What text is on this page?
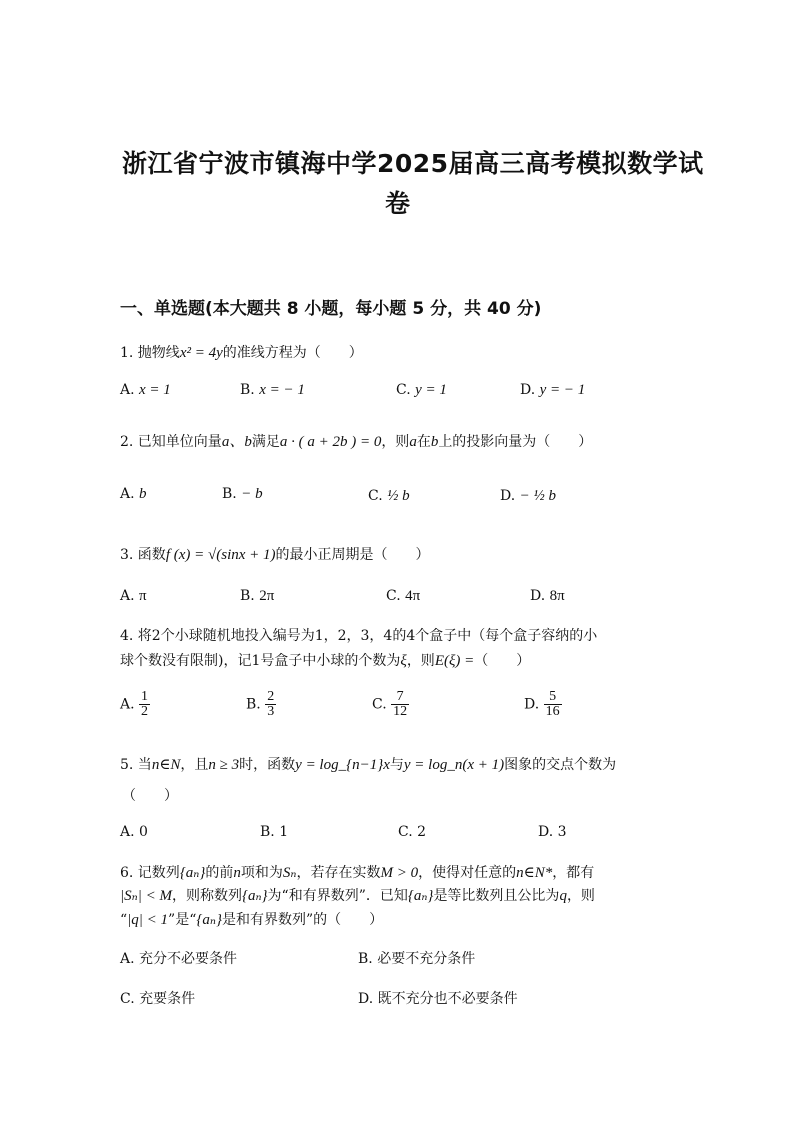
浙江省宁波市镇海中学2025届高三高考模拟数学试
卷
一、单选题(本大题共 8 小题，每小题 5 分，共 40 分)
1. 抛物线x² = 4y的准线方程为（　　）
A. x = 1	B. x = − 1	C. y = 1	D. y = − 1
2. 已知单位向量a、b满足a · ( a + 2b ) = 0，则a在b上的投影向量为（　　）
A. b	B. − b	C. ½ b	D. − ½ b
3. 函数f (x) = √(sinx + 1)的最小正周期是（　　）
A. π	B. 2π	C. 4π	D. 8π
4. 将2个小球随机地投入编号为1，2，3，4的4个盒子中（每个盒子容纳的小
球个数没有限制)，记1号盒子中小球的个数为ξ，则E(ξ) =（　　）
A. $\frac{1}{2}$	B. $\frac{2}{3}$	C. $\frac{7}{12}$	D. $\frac{5}{16}$
5. 当n∈N，且n ≥ 3时，函数y = log_{n−1}x与y = log_n(x + 1)图象的交点个数为
（　　）
A. 0	B. 1	C. 2	D. 3
6. 记数列{aₙ}的前n项和为Sₙ，若存在实数M > 0，使得对任意的n∈N*，都有
|Sₙ| < M，则称数列{aₙ}为“和有界数列”．已知{aₙ}是等比数列且公比为q，则
“|q| < 1”是“{aₙ}是和有界数列”的（　　）
A. 充分不必要条件	B. 必要不充分条件
C. 充要条件	D. 既不充分也不必要条件
